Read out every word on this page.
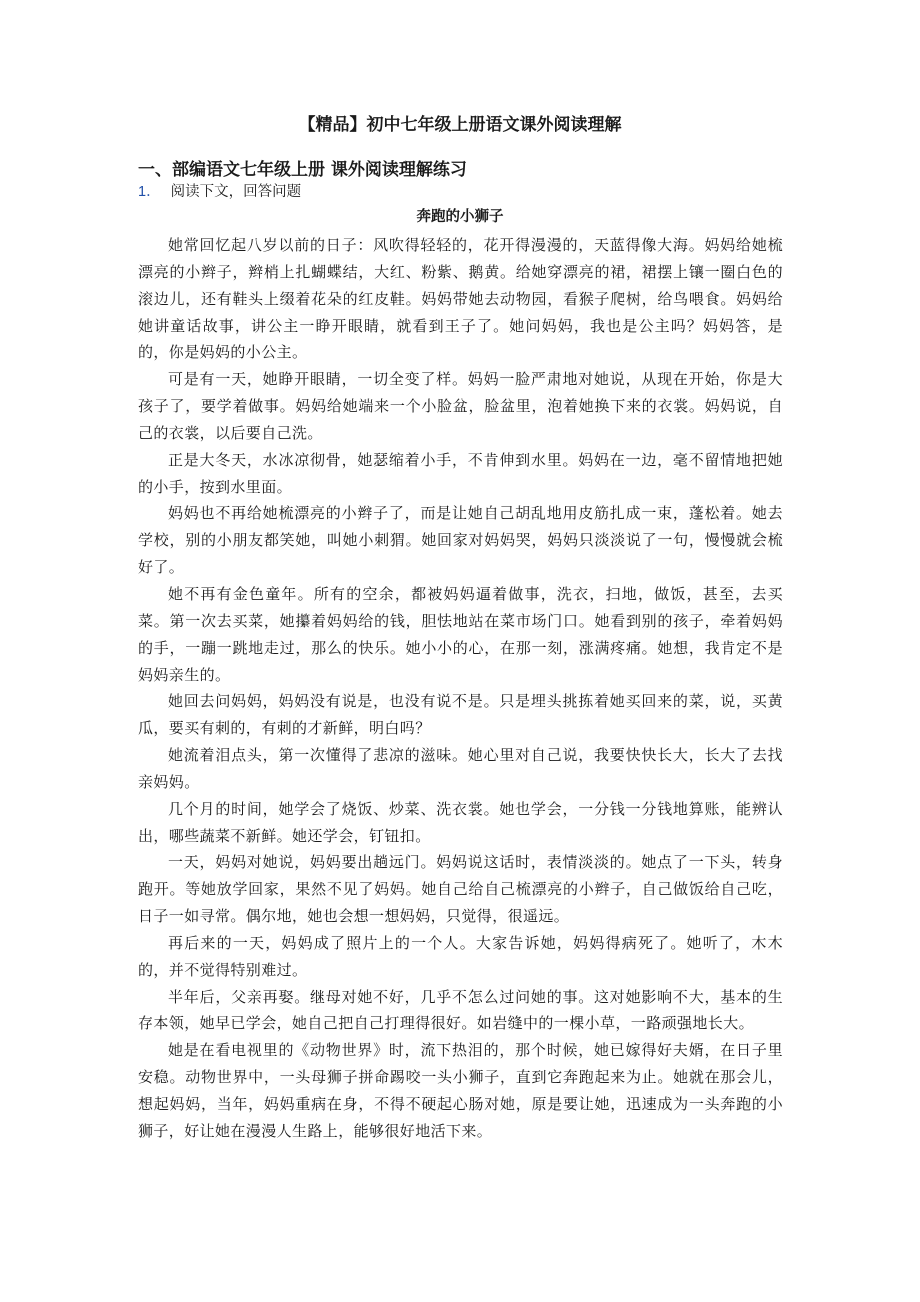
【精品】初中七年级上册语文课外阅读理解
一、部编语文七年级上册 课外阅读理解练习
1． 阅读下文，回答问题
奔跑的小狮子

她常回忆起八岁以前的日子：风吹得轻轻的，花开得漫漫的，天蓝得像大海。妈妈给她梳漂亮的小辫子，辫梢上扎蝴蝶结，大红、粉紫、鹅黄。给她穿漂亮的裙，裙摆上镶一圈白色的滚边儿，还有鞋头上缀着花朵的红皮鞋。妈妈带她去动物园，看猴子爬树，给鸟喂食。妈妈给她讲童话故事，讲公主一睁开眼睛，就看到王子了。她问妈妈，我也是公主吗？妈妈答，是的，你是妈妈的小公主。

可是有一天，她睁开眼睛，一切全变了样。妈妈一脸严肃地对她说，从现在开始，你是大孩子了，要学着做事。妈妈给她端来一个小脸盆，脸盆里，泡着她换下来的衣裳。妈妈说，自己的衣裳，以后要自己洗。

正是大冬天，水冰凉彻骨，她瑟缩着小手，不肯伸到水里。妈妈在一边，毫不留情地把她的小手，按到水里面。

妈妈也不再给她梳漂亮的小辫子了，而是让她自己胡乱地用皮筋扎成一束，蓬松着。她去学校，别的小朋友都笑她，叫她小刺猬。她回家对妈妈哭，妈妈只淡淡说了一句，慢慢就会梳好了。

她不再有金色童年。所有的空余，都被妈妈逼着做事，洗衣，扫地，做饭，甚至，去买菜。第一次去买菜，她攥着妈妈给的钱，胆怯地站在菜市场门口。她看到别的孩子，牵着妈妈的手，一蹦一跳地走过，那么的快乐。她小小的心，在那一刻，涨满疼痛。她想，我肯定不是妈妈亲生的。

她回去问妈妈，妈妈没有说是，也没有说不是。只是埋头挑拣着她买回来的菜，说，买黄瓜，要买有刺的，有刺的才新鲜，明白吗？

她流着泪点头，第一次懂得了悲凉的滋味。她心里对自己说，我要快快长大，长大了去找亲妈妈。

几个月的时间，她学会了烧饭、炒菜、洗衣裳。她也学会，一分钱一分钱地算账，能辨认出，哪些蔬菜不新鲜。她还学会，钉钮扣。

一天，妈妈对她说，妈妈要出趟远门。妈妈说这话时，表情淡淡的。她点了一下头，转身跑开。等她放学回家，果然不见了妈妈。她自己给自己梳漂亮的小辫子，自己做饭给自己吃，日子一如寻常。偶尔地，她也会想一想妈妈，只觉得，很遥远。

再后来的一天，妈妈成了照片上的一个人。大家告诉她，妈妈得病死了。她听了，木木的，并不觉得特别难过。

半年后，父亲再娶。继母对她不好，几乎不怎么过问她的事。这对她影响不大，基本的生存本领，她早已学会，她自己把自己打理得很好。如岩缝中的一棵小草，一路顽强地长大。

她是在看电视里的《动物世界》时，流下热泪的，那个时候，她已嫁得好夫婿，在日子里安稳。动物世界中，一头母狮子拼命踢咬一头小狮子，直到它奔跑起来为止。她就在那会儿，想起妈妈，当年，妈妈重病在身，不得不硬起心肠对她，原是要让她，迅速成为一头奔跑的小狮子，好让她在漫漫人生路上，能够很好地活下来。
